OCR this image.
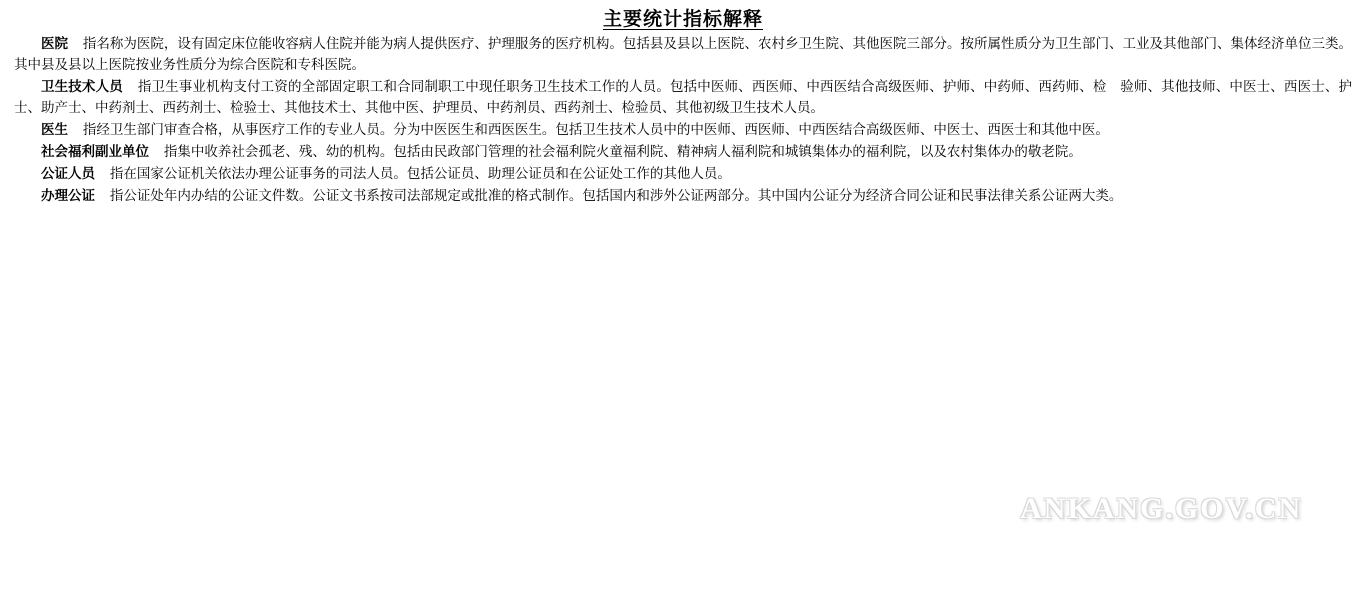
主要统计指标解释

医院 指名称为医院，设有固定床位能收容病人住院并能为病人提供医疗、护理服务的医疗机构。包括县及县以上医院、农村乡卫生院、其他医院三部分。按所属性质分为卫生部门、工业及其他部门、集体经济单位三类。其中县及县以上医院按业务性质分为综合医院和专科医院。

卫生技术人员 指卫生事业机构支付工资的全部固定职工和合同制职工中现任职务卫生技术工作的人员。包括中医师、西医师、中西医结合高级医师、护师、中药师、西药师、检　验师、其他技师、中医士、西医士、护士、助产士、中药剂士、西药剂士、检验士、其他技术士、其他中医、护理员、中药剂员、西药剂士、检验员、其他初级卫生技术人员。

医生 指经卫生部门审查合格，从事医疗工作的专业人员。分为中医医生和西医医生。包括卫生技术人员中的中医师、西医师、中西医结合高级医师、中医士、西医士和其他中医。

社会福利副业单位 指集中收养社会孤老、残、幼的机构。包括由民政部门管理的社会福利院火童福利院、精神病人福利院和城镇集体办的福利院，以及农村集体办的敬老院。

公证人员 指在国家公证机关依法办理公证事务的司法人员。包括公证员、助理公证员和在公证处工作的其他人员。

办理公证 指公证处年内办结的公证文件数。公证文书系按司法部规定或批准的格式制作。包括国内和涉外公证两部分。其中国内公证分为经济合同公证和民事法律关系公证两大类。

ANKANG.GOV.CN
